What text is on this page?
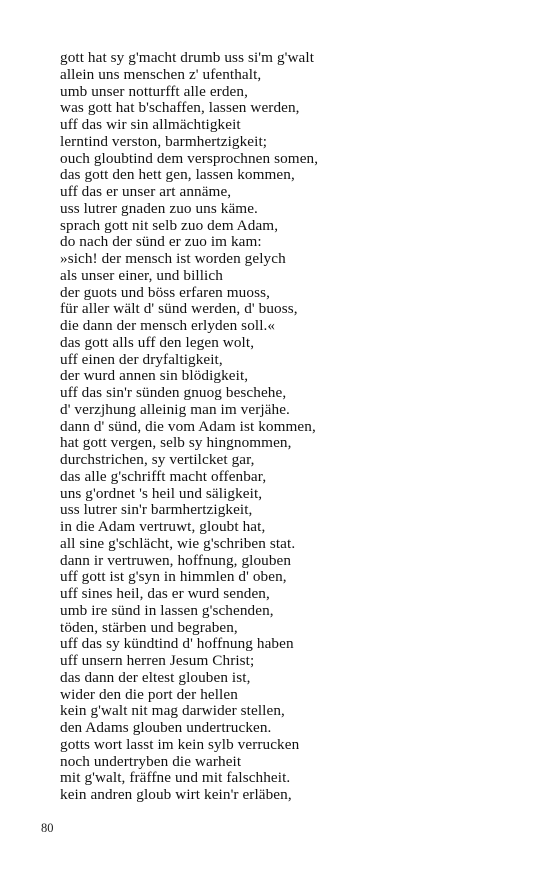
gott hat sy g'macht drumb uss si'm g'walt
allein uns menschen z' ufenthalt,
umb unser notturfft alle erden,
was gott hat b'schaffen, lassen werden,
uff das wir sin allmächtigkeit
lerntind verston, barmhertzigkeit;
ouch gloubtind dem versprochnen somen,
das gott den hett gen, lassen kommen,
uff das er unser art annäme,
uss lutrer gnaden zuo uns käme.
sprach gott nit selb zuo dem Adam,
do nach der sünd er zuo im kam:
»sich! der mensch ist worden gelych
als unser einer, und billich
der guots und böss erfaren muoss,
für aller wält d' sünd werden, d' buoss,
die dann der mensch erlyden soll.«
das gott alls uff den legen wolt,
uff einen der dryfaltigkeit,
der wurd annen sin blödigkeit,
uff das sin'r sünden gnuog beschehe,
d' verzjhung alleinig man im verjähe.
dann d' sünd, die vom Adam ist kommen,
hat gott vergen, selb sy hingnommen,
durchstrichen, sy vertilcket gar,
das alle g'schrifft macht offenbar,
uns g'ordnet 's heil und säligkeit,
uss lutrer sin'r barmhertzigkeit,
in die Adam vertruwt, gloubt hat,
all sine g'schlächt, wie g'schriben stat.
dann ir vertruwen, hoffnung, glouben
uff gott ist g'syn in himmlen d' oben,
uff sines heil, das er wurd senden,
umb ire sünd in lassen g'schenden,
töden, stärben und begraben,
uff das sy kündtind d' hoffnung haben
uff unsern herren Jesum Christ;
das dann der eltest glouben ist,
wider den die port der hellen
kein g'walt nit mag darwider stellen,
den Adams glouben undertrucken.
gotts wort lasst im kein sylb verrucken
noch undertryben die warheit
mit g'walt, fräffne und mit falschheit.
kein andren gloub wirt kein'r erläben,
80
